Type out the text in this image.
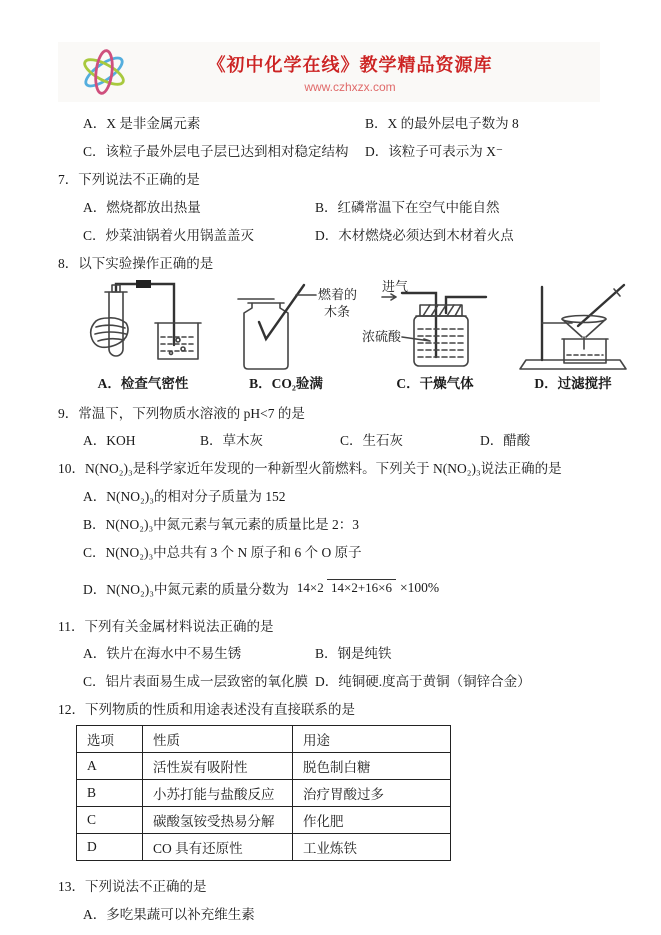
《初中化学在线》教学精品资源库
www.czhxzx.com
A．X 是非金属元素	B．X 的最外层电子数为 8
C．该粒子最外层电子层已达到相对稳定结构	D．该粒子可表示为 X⁻
7．下列说法不正确的是
A．燃烧都放出热量	B．红磷常温下在空气中能自然
C．炒菜油锅着火用锅盖盖灭	D．木材燃烧必须达到木材着火点
8．以下实验操作正确的是
A．检查气密性
燃着的
木条
B．CO₂验满
进气
浓硫酸
C．干燥气体	D．过滤搅拌
9．常温下，下列物质水溶液的 pH<7 的是
A．KOH	B．草木灰	C．生石灰	D．醋酸
10．N(NO₂)₃是科学家近年发现的一种新型火箭燃料。下列关于 N(NO₂)₃说法正确的是
A．N(NO₂)₃的相对分子质量为 152
B．N(NO₂)₃中氮元素与氧元素的质量比是 2：3
C．N(NO₂)₃中总共有 3 个 N 原子和 6 个 O 原子
D．N(NO₂)₃中氮元素的质量分数为 14×2 14×2+16×6 ×100%
11．下列有关金属材料说法正确的是
A．铁片在海水中不易生锈	B．钢是纯铁
C．铝片表面易生成一层致密的氧化膜 D．纯铜硬.度高于黄铜（铜锌合金）
12．下列物质的性质和用途表述没有直接联系的是
选项	性质	用途
A	活性炭有吸附性	脱色制白糖
B	小苏打能与盐酸反应	治疗胃酸过多
C	碳酸氢铵受热易分解	作化肥
D	CO 具有还原性	工业炼铁
13．下列说法不正确的是
A．多吃果蔬可以补充维生素
